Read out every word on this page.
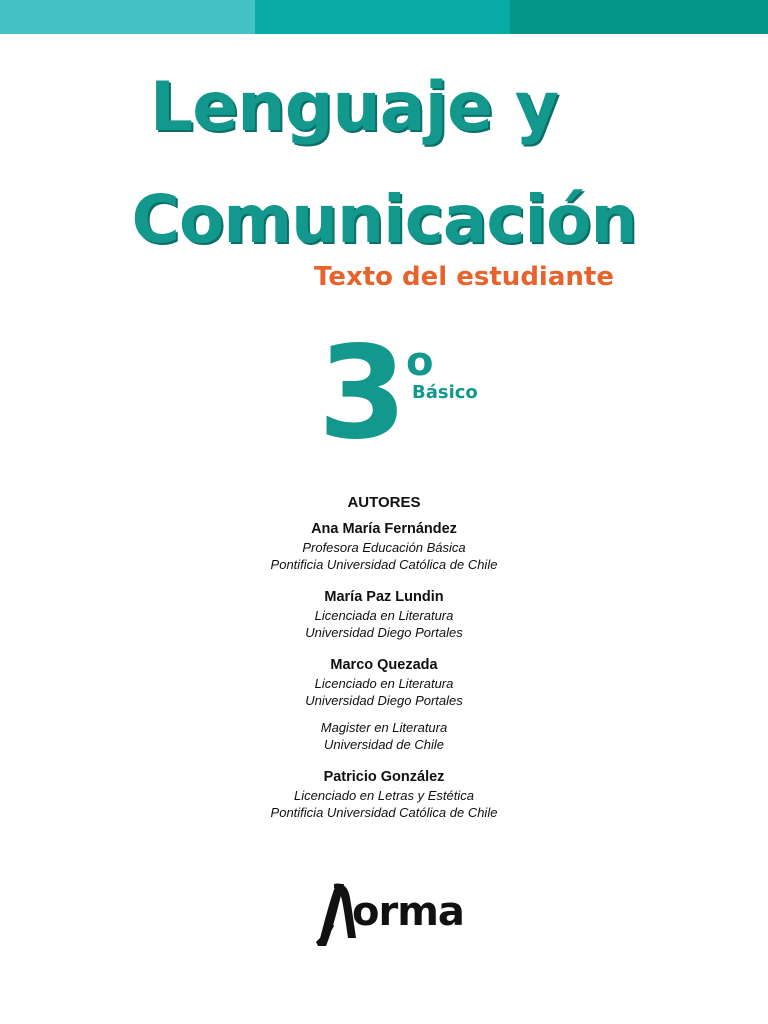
Lenguaje y
Comunicación
Texto del estudiante
3
o
Básico
AUTORES
Ana María Fernández
Profesora Educación Básica
Pontificia Universidad Católica de Chile
María Paz Lundin
Licenciada en Literatura
Universidad Diego Portales
Marco Quezada
Licenciado en Literatura
Universidad Diego Portales
Magister en Literatura
Universidad de Chile
Patricio González
Licenciado en Letras y Estética
Pontificia Universidad Católica de Chile
orma
